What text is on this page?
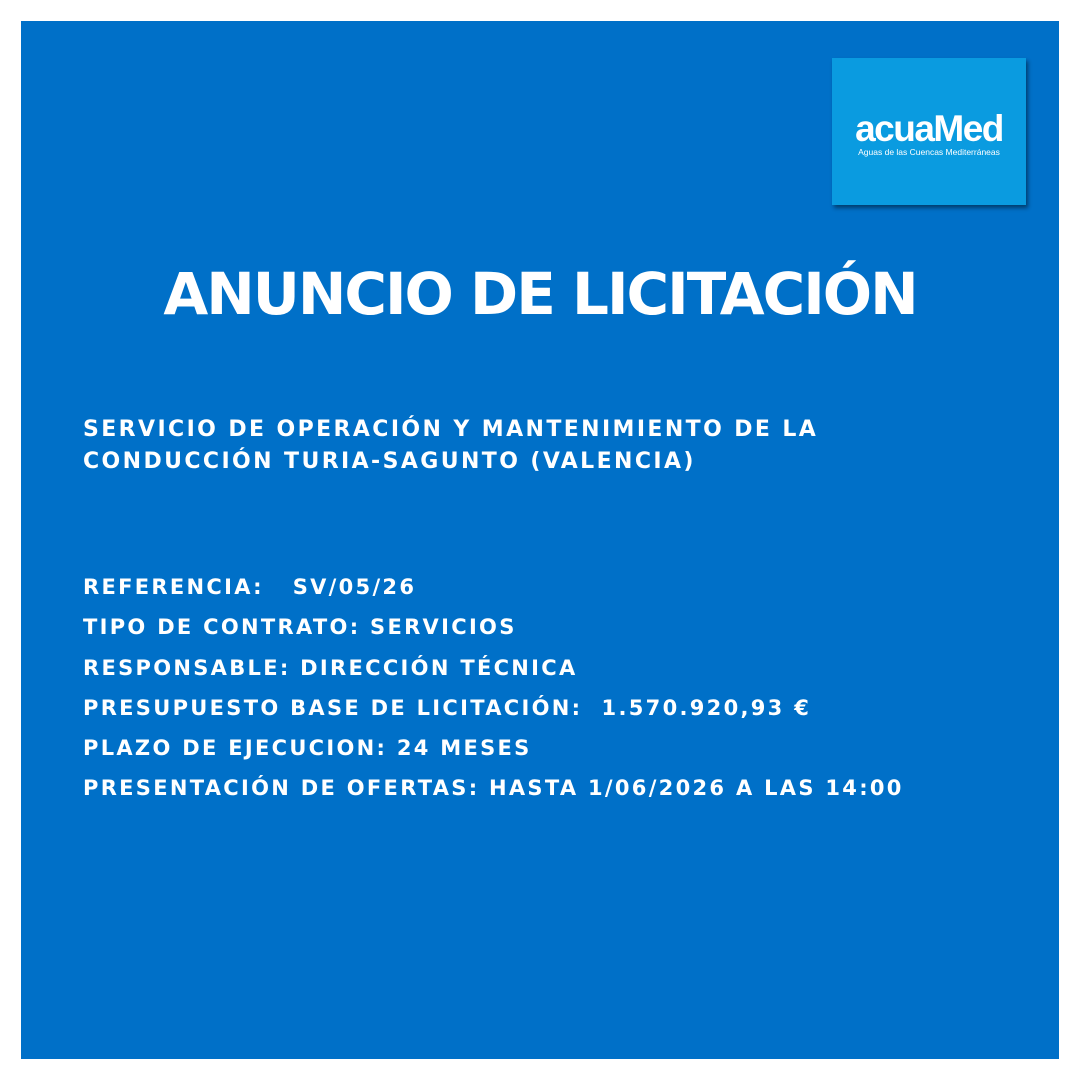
acuaMed
Aguas de las Cuencas Mediterráneas
ANUNCIO DE LICITACIÓN
SERVICIO DE OPERACIÓN Y MANTENIMIENTO DE LA
CONDUCCIÓN TURIA-SAGUNTO (VALENCIA)
REFERENCIA:   SV/05/26
TIPO DE CONTRATO: SERVICIOS
RESPONSABLE: DIRECCIÓN TÉCNICA
PRESUPUESTO BASE DE LICITACIÓN:  1.570.920,93 €
PLAZO DE EJECUCION: 24 MESES
PRESENTACIÓN DE OFERTAS: HASTA 1/06/2026 A LAS 14:00
